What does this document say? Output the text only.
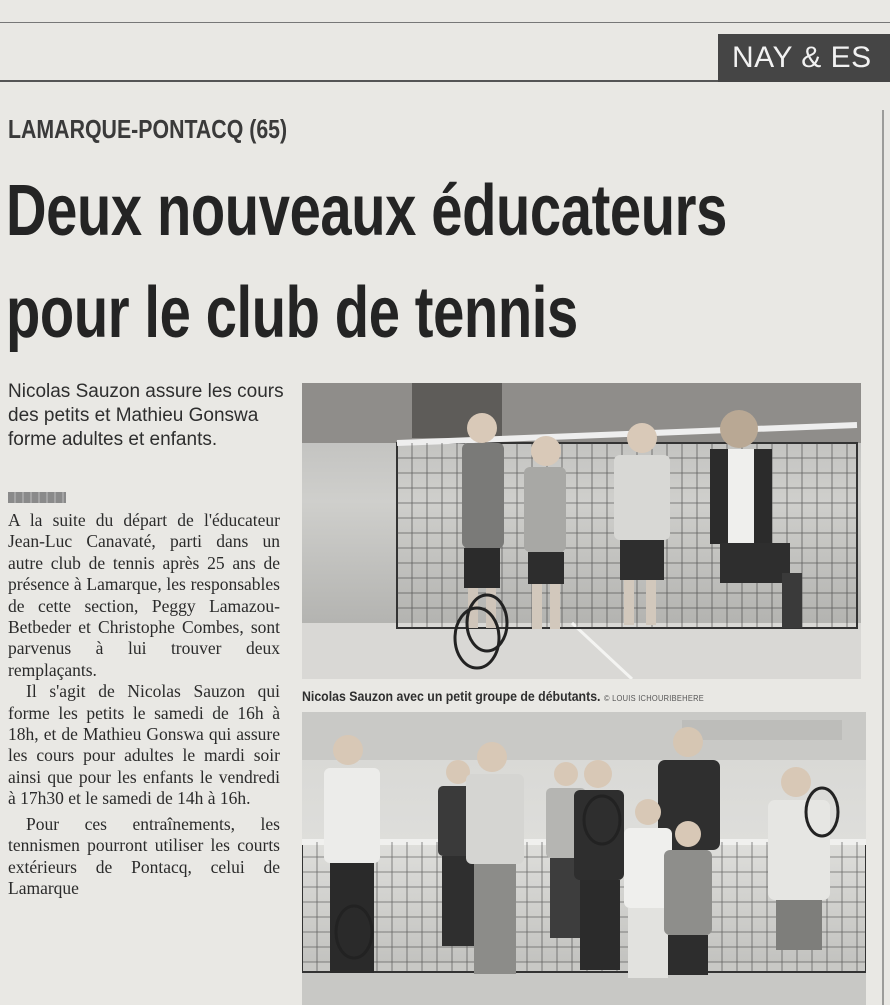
NAY & ES
LAMARQUE-PONTACQ (65)
Deux nouveaux éducateurs
pour le club de tennis
Nicolas Sauzon assure les cours des petits et Mathieu Gonswa forme adultes et enfants.

A la suite du départ de l'éducateur Jean-Luc Canavaté, parti dans un autre club de tennis après 25 ans de présence à Lamarque, les responsables de cette section, Peggy Lamazou-Betbeder et Christophe Combes, sont parvenus à lui trouver deux remplaçants.

Il s'agit de Nicolas Sauzon qui forme les petits le samedi de 16h à 18h, et de Mathieu Gonswa qui assure les cours pour adultes le mardi soir ainsi que pour les enfants le vendredi à 17h30 et le samedi de 14h à 16h.

Pour ces entraînements, les tennismen pourront utiliser les courts extérieurs de Pontacq, celui de Lamarque

Nicolas Sauzon avec un petit groupe de débutants. © LOUIS ICHOURIBEHERE
